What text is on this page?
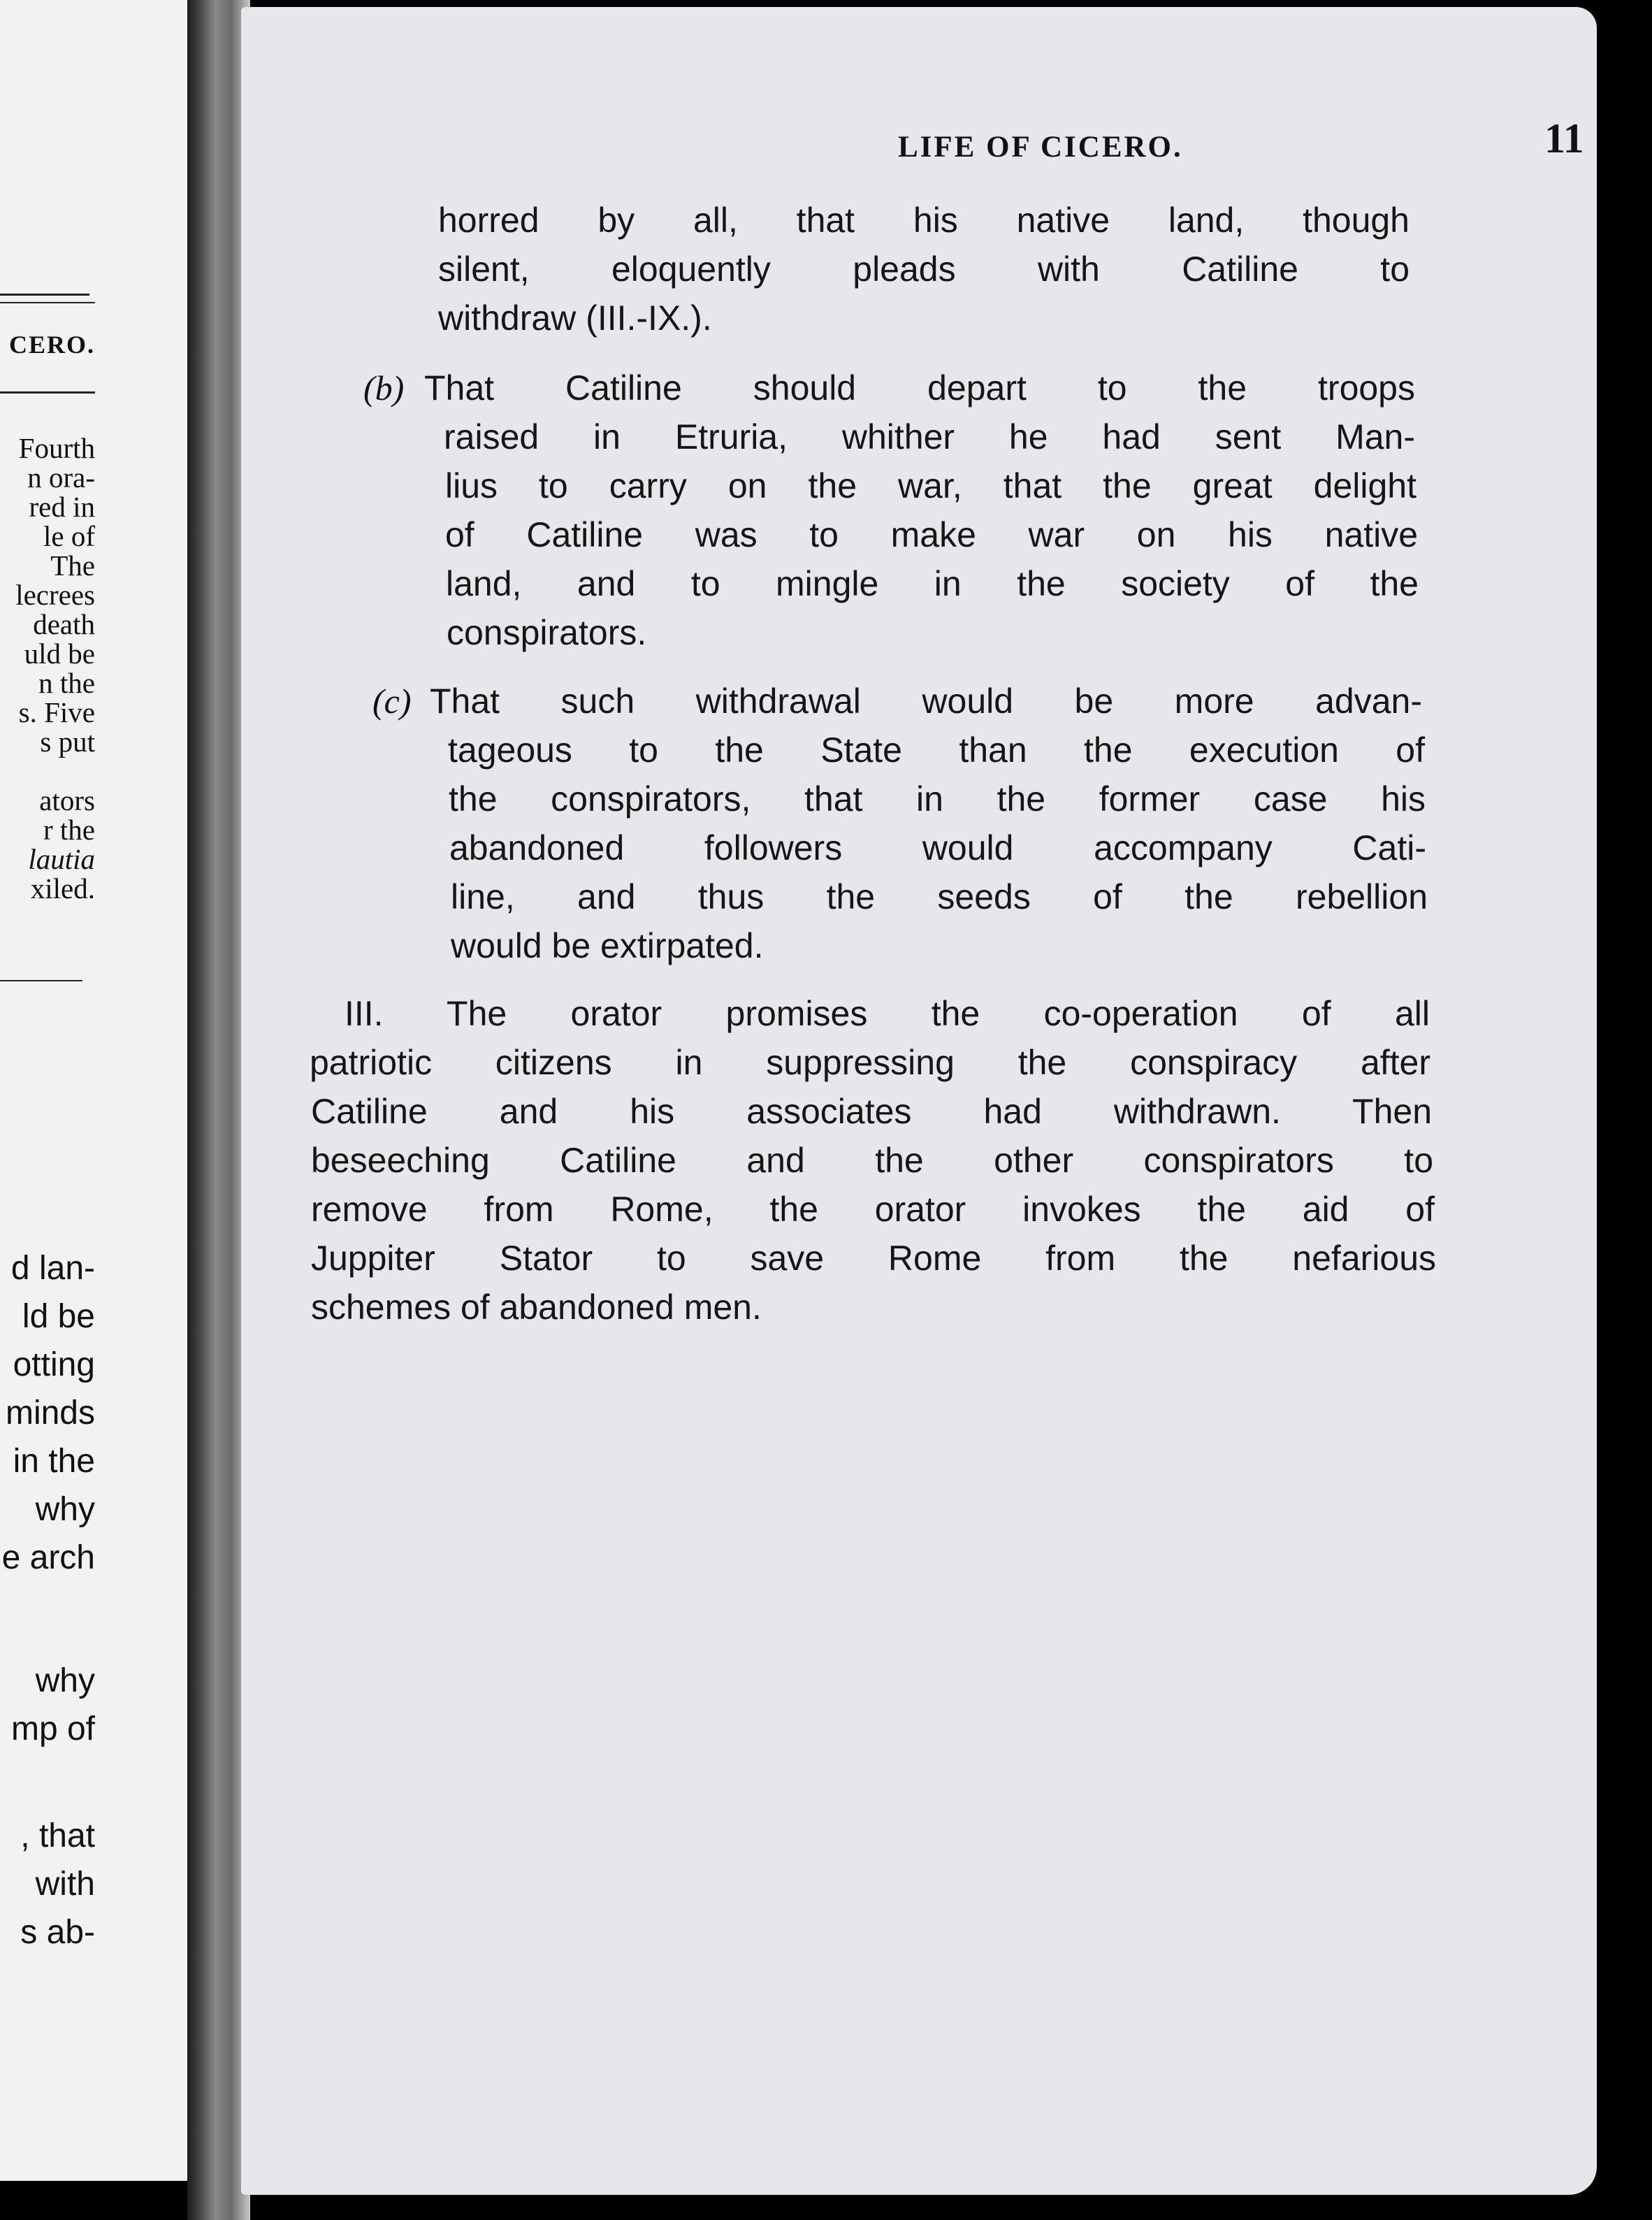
CERO.
Fourth
n ora-
red in
le of
The
lecrees
death
uld be
n the
s. Five
s put
ators
r the
lautia
xiled.
d lan-
ld be
otting
minds
in the
why
e arch
why
mp of
, that
with
s ab-
LIFE OF CICERO.	11
horred by all, that his native land, though
silent, eloquently pleads with Catiline to
withdraw (III.-IX.).
(b) That Catiline should depart to the troops
raised in Etruria, whither he had sent Man-
lius to carry on the war, that the great delight
of Catiline was to make war on his native
land, and to mingle in the society of the
conspirators.
(c) That such withdrawal would be more advan-
tageous to the State than the execution of
the conspirators, that in the former case his
abandoned followers would accompany Cati-
line, and thus the seeds of the rebellion
would be extirpated.
III. The orator promises the co-operation of all
patriotic citizens in suppressing the conspiracy after
Catiline and his associates had withdrawn. Then
beseeching Catiline and the other conspirators to
remove from Rome, the orator invokes the aid of
Juppiter Stator to save Rome from the nefarious
schemes of abandoned men.
